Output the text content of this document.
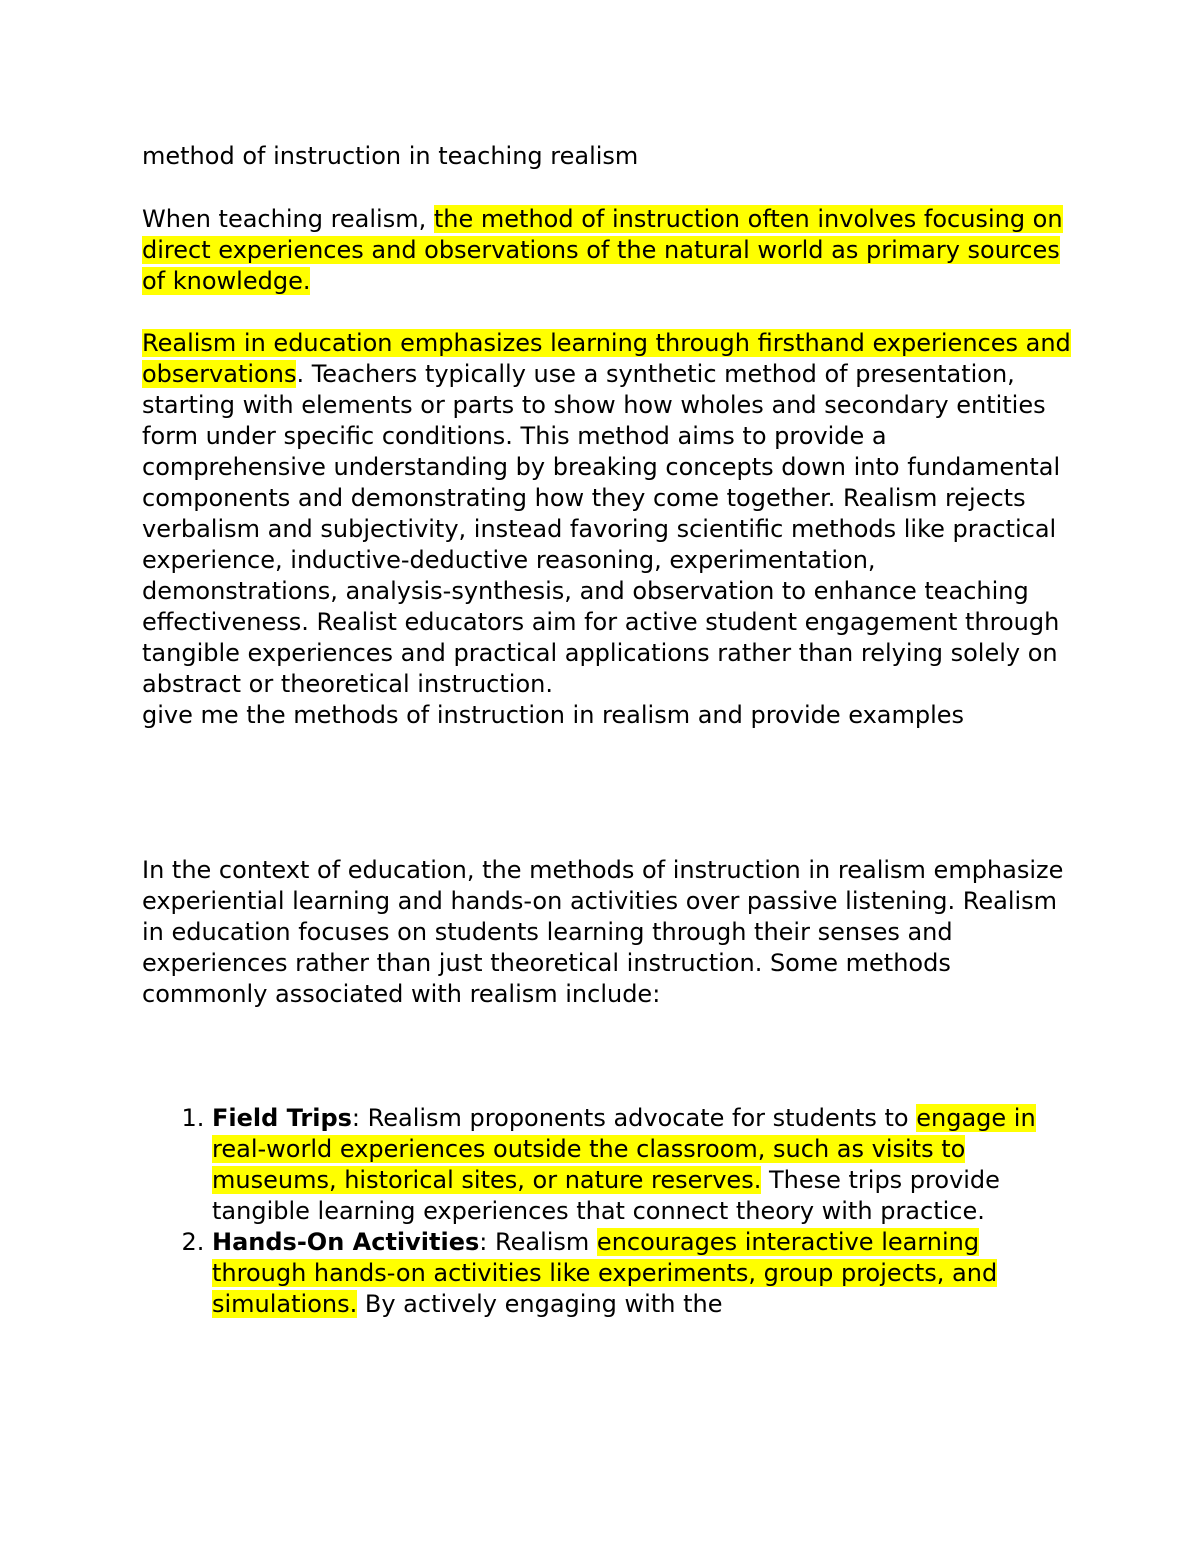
method of instruction in teaching realism

When teaching realism, the method of instruction often involves focusing on direct experiences and observations of the natural world as primary sources of knowledge.

Realism in education emphasizes learning through firsthand experiences and observations. Teachers typically use a synthetic method of presentation, starting with elements or parts to show how wholes and secondary entities form under specific conditions. This method aims to provide a comprehensive understanding by breaking concepts down into fundamental components and demonstrating how they come together. Realism rejects verbalism and subjectivity, instead favoring scientific methods like practical experience, inductive-deductive reasoning, experimentation, demonstrations, analysis-synthesis, and observation to enhance teaching effectiveness. Realist educators aim for active student engagement through tangible experiences and practical applications rather than relying solely on abstract or theoretical instruction.

give me the methods of instruction in realism and provide examples

In the context of education, the methods of instruction in realism emphasize experiential learning and hands-on activities over passive listening. Realism in education focuses on students learning through their senses and experiences rather than just theoretical instruction. Some methods commonly associated with realism include:

1. Field Trips: Realism proponents advocate for students to engage in real-world experiences outside the classroom, such as visits to museums, historical sites, or nature reserves. These trips provide tangible learning experiences that connect theory with practice.
2. Hands-On Activities: Realism encourages interactive learning through hands-on activities like experiments, group projects, and simulations. By actively engaging with the
